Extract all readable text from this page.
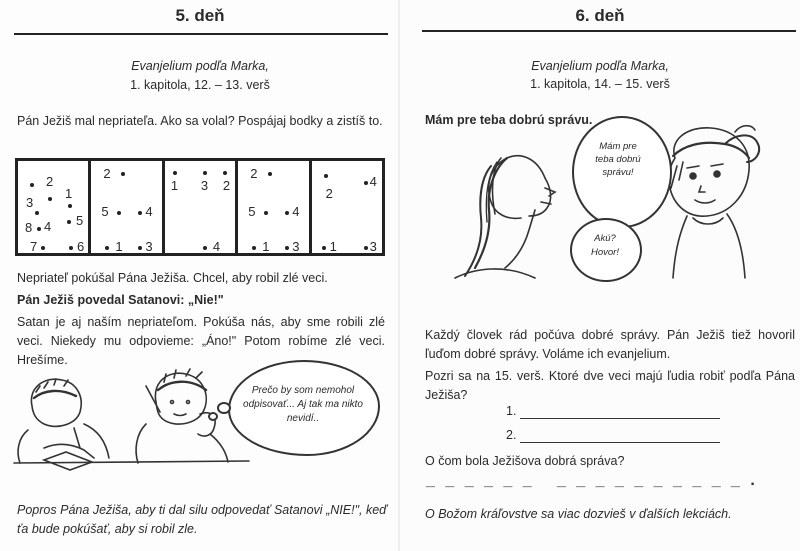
5. deň
Evanjelium podľa Marka,
1. kapitola, 12. – 13. verš
Pán Ježiš mal nepriateľa. Ako sa volal? Pospájaj bodky a zistíš to.
2
1
3
4 5
8
7	6
2
5	4
1 3
1 3 2
4
2
5	4
1 3
2
4
1	3
Nepriateľ pokúšal Pána Ježiša. Chcel, aby robil zlé veci.
Pán Ježiš povedal Satanovi: „Nie!"
Satan je aj naším nepriateľom. Pokúša nás, aby sme robili zlé veci. Niekedy mu odpovieme: „Áno!" Potom robíme zlé veci. Hrešíme.
Prečo by som nemohol odpisovať... Aj tak ma nikto nevidí..
Popros Pána Ježiša, aby ti dal silu odpovedať Satanovi „NIE!", keď ťa bude pokúšať, aby si robil zle.
6. deň
Evanjelium podľa Marka,
1. kapitola, 14. – 15. verš
Mám pre teba dobrú správu.
Mám pre teba dobrú správu!
Akú? Hovor!
Každý človek rád počúva dobré správy. Pán Ježiš tiež hovoril ľuďom dobré správy. Voláme ich evanjelium.
Pozri sa na 15. verš. Ktoré dve veci majú ľudia robiť podľa Pána Ježiša?
1.
2.
O čom bola Ježišova dobrá správa?
_ _ _ _ _ _   _ _ _ _ _ _ _ _ _ _ .
O Božom kráľovstve sa viac dozvieš v ďalších lekciách.
